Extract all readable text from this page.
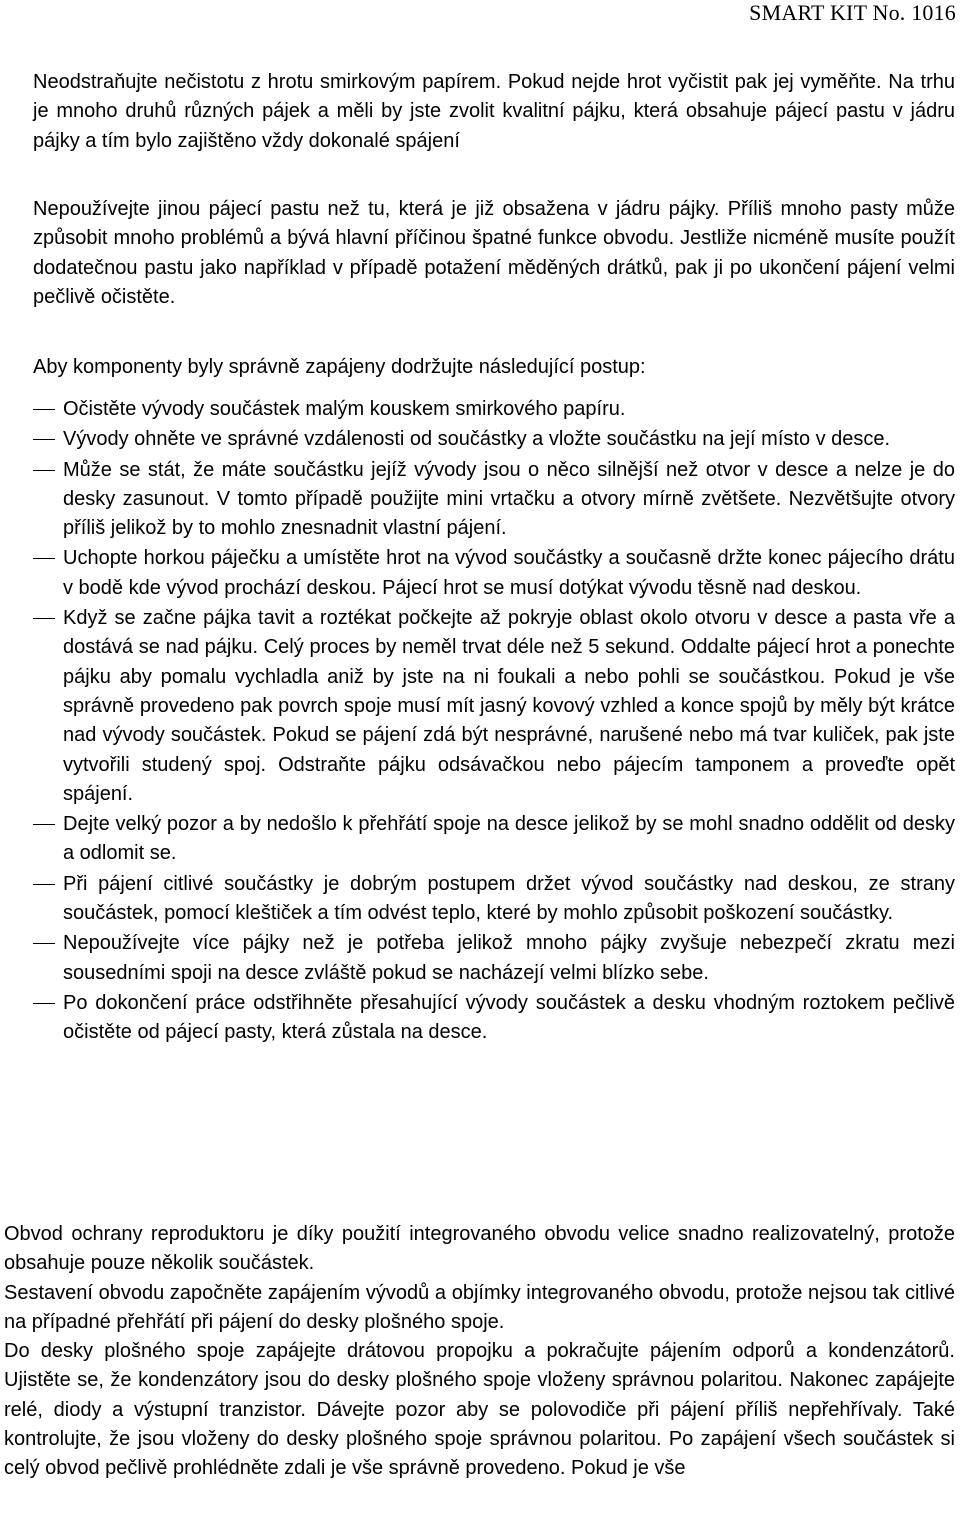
SMART KIT No. 1016

Neodstraňujte nečistotu z hrotu smirkovým papírem. Pokud nejde hrot vyčistit pak jej vyměňte. Na trhu je mnoho druhů různých pájek a měli by jste zvolit kvalitní pájku, která obsahuje pájecí pastu v jádru pájky a tím bylo zajištěno vždy dokonalé spájení

Nepoužívejte jinou pájecí pastu než tu, která je již obsažena v jádru pájky. Příliš mnoho pasty může způsobit mnoho problémů a bývá hlavní příčinou špatné funkce obvodu. Jestliže nicméně musíte použít dodatečnou pastu jako například v případě potažení měděných drátků, pak ji po ukončení pájení velmi pečlivě očistěte.

Aby komponenty byly správně zapájeny dodržujte následující postup:

Očistěte vývody součástek malým kouskem smirkového papíru.
Vývody ohněte ve správné vzdálenosti od součástky a vložte součástku na její místo v desce.
Může se stát, že máte součástku jejíž vývody jsou o něco silnější než otvor v desce a nelze je do desky zasunout. V tomto případě použijte mini vrtačku a otvory mírně zvětšete. Nezvětšujte otvory příliš jelikož by to mohlo znesnadnit vlastní pájení.
Uchopte horkou páječku a umístěte hrot na vývod součástky a současně držte konec pájecího drátu v bodě kde vývod prochází deskou. Pájecí hrot se musí dotýkat vývodu těsně nad deskou.
Když se začne pájka tavit a roztékat počkejte až pokryje oblast okolo otvoru v desce a pasta vře a dostává se nad pájku. Celý proces by neměl trvat déle než 5 sekund. Oddalte pájecí hrot a ponechte pájku aby pomalu vychladla aniž by jste na ni foukali a nebo pohli se součástkou. Pokud je vše správně provedeno pak povrch spoje musí mít jasný kovový vzhled a konce spojů by měly být krátce nad vývody součástek. Pokud se pájení zdá být nesprávné, narušené nebo má tvar kuliček, pak jste vytvořili studený spoj. Odstraňte pájku odsávačkou nebo pájecím tamponem a proveďte opět spájení.
Dejte velký pozor a by nedošlo k přehřátí spoje na desce jelikož by se mohl snadno oddělit od desky a odlomit se.
Při pájení citlivé součástky je dobrým postupem držet vývod součástky nad deskou, ze strany součástek, pomocí kleštiček a tím odvést teplo, které by mohlo způsobit poškození součástky.
Nepoužívejte více pájky než je potřeba jelikož mnoho pájky zvyšuje nebezpečí zkratu mezi sousedními spoji na desce zvláště pokud se nacházejí velmi blízko sebe.
Po dokončení práce odstřihněte přesahující vývody součástek a desku vhodným roztokem pečlivě očistěte od pájecí pasty, která zůstala na desce.

Obvod ochrany reproduktoru je díky použití integrovaného obvodu velice snadno realizovatelný, protože obsahuje pouze několik součástek.

Sestavení obvodu započněte zapájením vývodů a objímky integrovaného obvodu, protože nejsou tak citlivé na případné přehřátí při pájení do desky plošného spoje.

Do desky plošného spoje zapájejte drátovou propojku a pokračujte pájením odporů a kondenzátorů. Ujistěte se, že kondenzátory jsou do desky plošného spoje vloženy správnou polaritou. Nakonec zapájejte relé, diody a výstupní tranzistor. Dávejte pozor aby se polovodiče při pájení příliš nepřehřívaly. Také kontrolujte, že jsou vloženy do desky plošného spoje správnou polaritou. Po zapájení všech součástek si celý obvod pečlivě prohlédněte zdali je vše správně provedeno. Pokud je vše
